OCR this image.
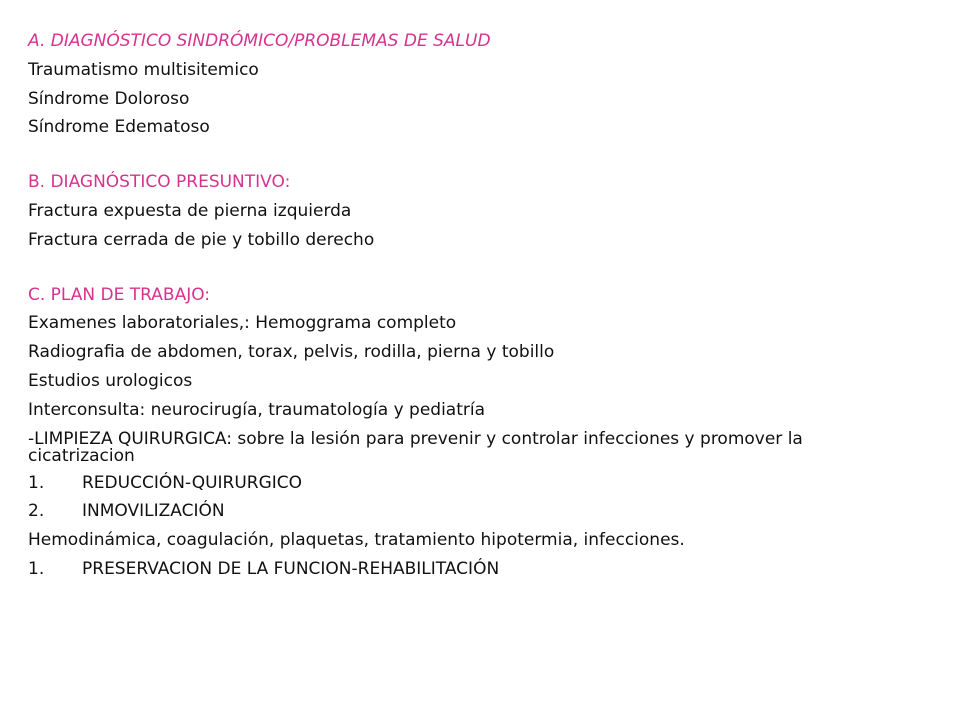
A. DIAGNÓSTICO SINDRÓMICO/PROBLEMAS DE SALUD

Traumatismo multisitemico

Síndrome Doloroso

Síndrome Edematoso

B. DIAGNÓSTICO PRESUNTIVO:

Fractura expuesta de pierna izquierda

Fractura cerrada de pie y tobillo derecho

C. PLAN DE TRABAJO:

Examenes laboratoriales,: Hemoggrama completo

Radiografia de abdomen, torax, pelvis, rodilla, pierna y tobillo

Estudios urologicos

Interconsulta: neurocirugía, traumatología y pediatría

-LIMPIEZA QUIRURGICA: sobre la lesión para prevenir y controlar infecciones y promover la cicatrizacion

1.	REDUCCIÓN-QUIRURGICO
2.	INMOVILIZACIÓN

Hemodinámica, coagulación, plaquetas, tratamiento hipotermia, infecciones.

1.	PRESERVACION DE LA FUNCION-REHABILITACIÓN
